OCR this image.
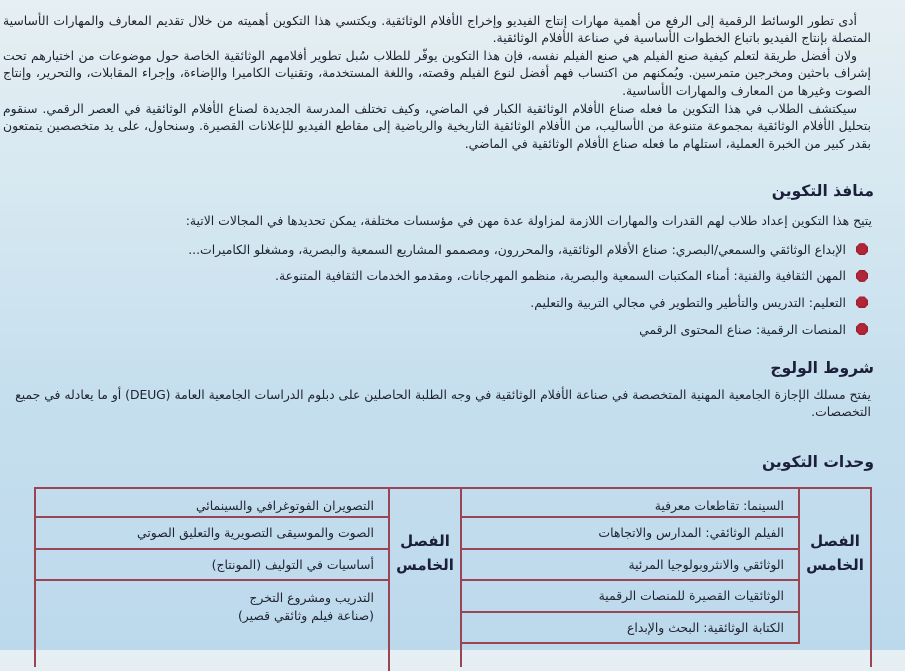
أدى تطور الوسائط الرقمية إلى الرفع من أهمية مهارات إنتاج الفيديو وإخراج الأفلام الوثائقية. ويكتسي هذا التكوين أهميته من خلال تقديم المعارف والمهارات الأساسية المتصلة بإنتاج الفيديو باتباع الخطوات الأساسية في صناعة الأفلام الوثائقية.

ولان أفضل طريقة لتعلم كيفية صنع الفيلم هي صنع الفيلم نفسه، فإن هذا التكوين يوفّر للطلاب سُبل تطوير أفلامهم الوثائقية الخاصة حول موضوعات من اختيارهم تحت إشراف باحثين ومخرجين متمرسين. ويُمكنهم من اكتساب فهم أفضل لنوع الفيلم وقصته، واللغة المستخدمة، وتقنيات الكاميرا والإضاءة، وإجراء المقابلات، والتحرير، وإنتاج الصوت وغيرها من المعارف والمهارات الأساسية.

سيكتشف الطلاب في هذا التكوين ما فعله صناع الأفلام الوثائقية الكبار في الماضي، وكيف تختلف المدرسة الجديدة لصناع الأفلام الوثائقية في العصر الرقمي. سنقوم بتحليل الأفلام الوثائقية بمجموعة متنوعة من الأساليب، من الأفلام الوثائقية التاريخية والرياضية إلى مقاطع الفيديو للإعلانات القصيرة. وسنحاول، على يد متخصصين يتمتعون بقدر كبير من الخبرة العملية، استلهام ما فعله صناع الأفلام الوثائقية في الماضي.

منافذ التكوين

يتيح هذا التكوين إعداد طلاب لهم القدرات والمهارات اللازمة لمزاولة عدة مهن في مؤسسات مختلفة، يمكن تحديدها في المجالات الاتية:

الإبداع الوثائقي والسمعي/البصري: صناع الأفلام الوثائقية، والمحررون، ومصممو المشاريع السمعية والبصرية، ومشغلو الكاميرات...
المهن الثقافية والفنية: أمناء المكتبات السمعية والبصرية، منظمو المهرجانات، ومقدمو الخدمات الثقافية المتنوعة.
التعليم: التدريس والتأطير والتطوير في مجالي التربية والتعليم.
المنصات الرقمية: صناع المحتوى الرقمي
شروط الولوج

يفتح مسلك الإجازة الجامعية المهنية المتخصصة في صناعة الأفلام الوثائقية في وجه الطلبة الحاصلين على دبلوم الدراسات الجامعية العامة (DEUG) أو ما يعادله في جميع التخصصات.

وحدات التكوين
الفصل
الخامس
السينما: تقاطعات معرفية
الفيلم الوثائقي: المدارس والاتجاهات
الوثائقي والانثروبولوجيا المرئية
الوثائقيات القصيرة للمنصات الرقمية
الكتابة الوثائقية: البحث والإبداع
الفصل
الخامس
التصويران الفوتوغرافي والسينمائي
الصوت والموسيقى التصويرية والتعليق الصوتي
أساسيات في التوليف (المونتاج)
التدريب ومشروع التخرج
(صناعة فيلم وثائقي قصير)
